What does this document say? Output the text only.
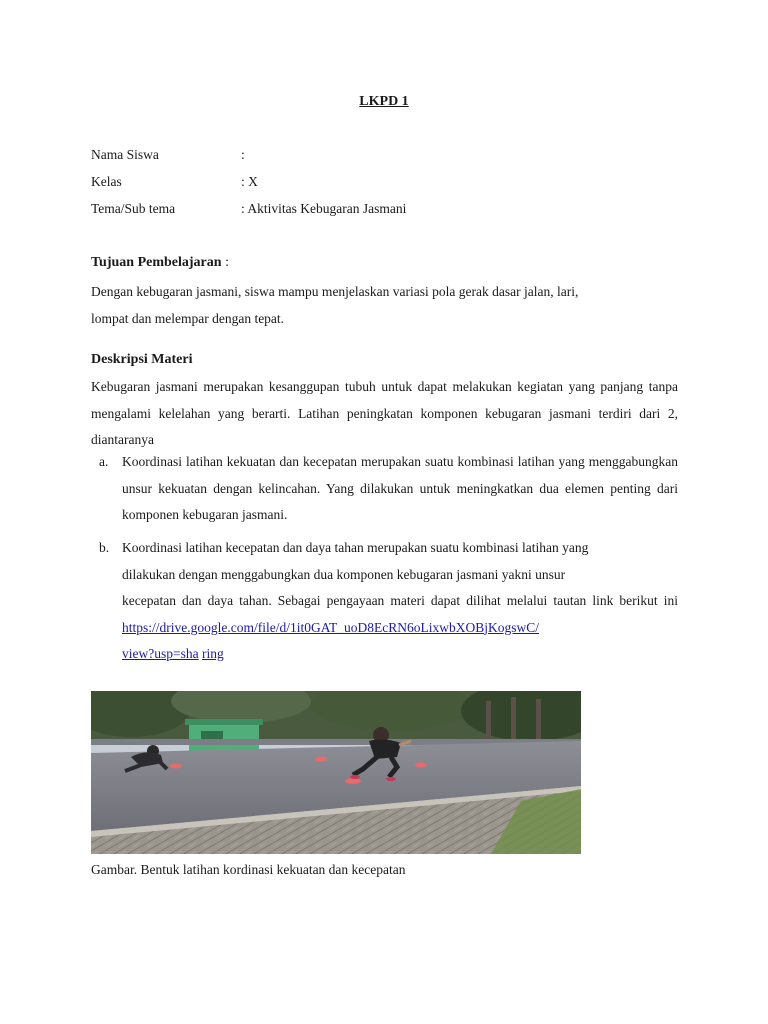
LKPD 1
Nama Siswa	:
Kelas	: X
Tema/Sub tema	: Aktivitas Kebugaran Jasmani
Tujuan Pembelajaran :
Dengan kebugaran jasmani, siswa mampu menjelaskan variasi pola gerak dasar jalan, lari,
lompat dan melempar dengan tepat.
Deskripsi Materi
Kebugaran jasmani merupakan kesanggupan tubuh untuk dapat melakukan kegiatan yang panjang tanpa mengalami kelelahan yang berarti. Latihan peningkatan komponen kebugaran jasmani terdiri dari 2, diantaranya
a. Koordinasi latihan kekuatan dan kecepatan merupakan suatu kombinasi latihan yang menggabungkan unsur kekuatan dengan kelincahan. Yang dilakukan untuk meningkatkan dua elemen penting dari komponen kebugaran jasmani.
b. Koordinasi latihan kecepatan dan daya tahan merupakan suatu kombinasi latihan yang
dilakukan dengan menggabungkan dua komponen kebugaran jasmani yakni unsur
kecepatan dan daya tahan. Sebagai pengayaan materi dapat dilihat melalui tautan link berikut ini https://drive.google.com/file/d/1it0GAT_uoD8EcRN6oLixwbXOBjKogswC/
view?usp=sha ring
Gambar. Bentuk latihan kordinasi kekuatan dan kecepatan
